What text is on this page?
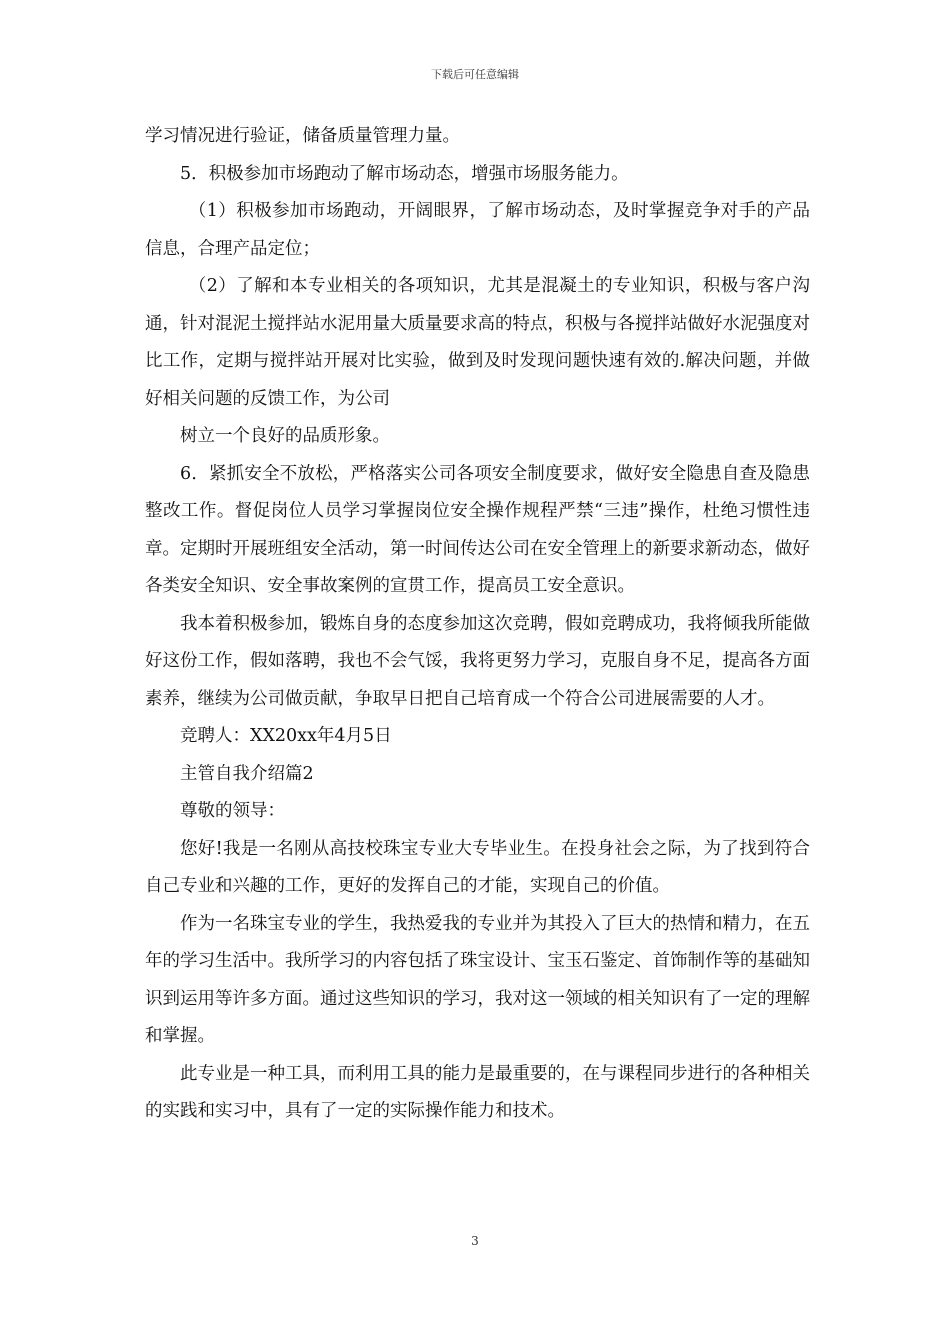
下载后可任意编辑

学习情况进行验证，储备质量管理力量。

5．积极参加市场跑动了解市场动态，增强市场服务能力。

（1）积极参加市场跑动，开阔眼界，了解市场动态，及时掌握竞争对手的产品信息，合理产品定位；

（2）了解和本专业相关的各项知识，尤其是混凝土的专业知识，积极与客户沟通，针对混泥土搅拌站水泥用量大质量要求高的特点，积极与各搅拌站做好水泥强度对比工作，定期与搅拌站开展对比实验，做到及时发现问题快速有效的.解决问题，并做好相关问题的反馈工作，为公司

树立一个良好的品质形象。

6．紧抓安全不放松，严格落实公司各项安全制度要求，做好安全隐患自查及隐患整改工作。督促岗位人员学习掌握岗位安全操作规程严禁“三违”操作，杜绝习惯性违章。定期时开展班组安全活动，第一时间传达公司在安全管理上的新要求新动态，做好各类安全知识、安全事故案例的宣贯工作，提高员工安全意识。

我本着积极参加，锻炼自身的态度参加这次竞聘，假如竞聘成功，我将倾我所能做好这份工作，假如落聘，我也不会气馁，我将更努力学习，克服自身不足，提高各方面素养，继续为公司做贡献，争取早日把自己培育成一个符合公司进展需要的人才。

竞聘人：XX20xx年4月5日

主管自我介绍篇2

尊敬的领导：

您好!我是一名刚从高技校珠宝专业大专毕业生。在投身社会之际，为了找到符合自己专业和兴趣的工作，更好的发挥自己的才能，实现自己的价值。

作为一名珠宝专业的学生，我热爱我的专业并为其投入了巨大的热情和精力，在五年的学习生活中。我所学习的内容包括了珠宝设计、宝玉石鉴定、首饰制作等的基础知识到运用等许多方面。通过这些知识的学习，我对这一领域的相关知识有了一定的理解和掌握。

此专业是一种工具，而利用工具的能力是最重要的，在与课程同步进行的各种相关的实践和实习中，具有了一定的实际操作能力和技术。

3
